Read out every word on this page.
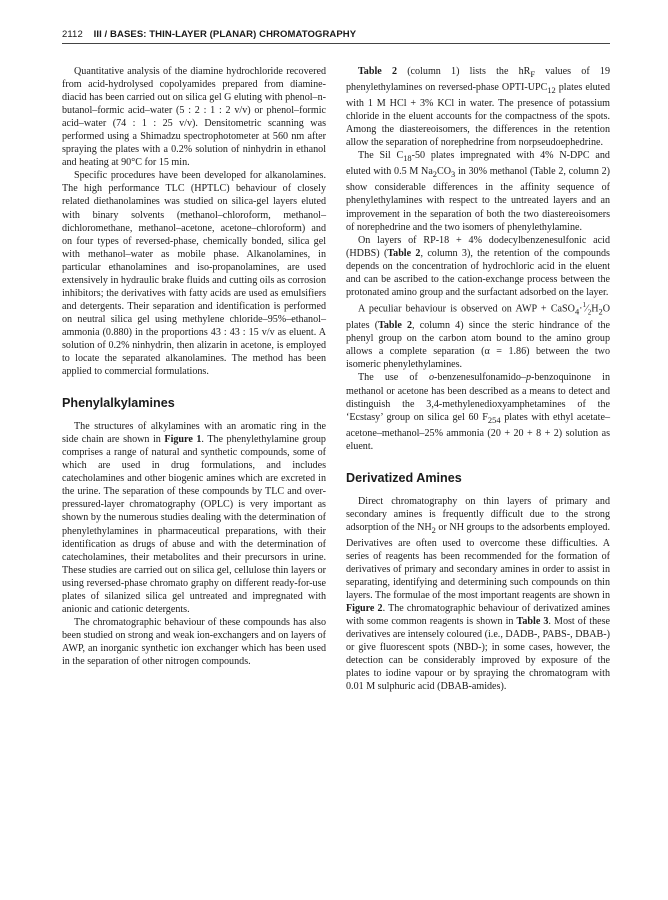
2112 III / BASES: THIN-LAYER (PLANAR) CHROMATOGRAPHY

Quantitative analysis of the diamine hydrochloride recovered from acid-hydrolysed copolyamides prepared from diamine-diacid has been carried out on silica gel G eluting with phenol–n-butanol–formic acid–water (5 : 2 : 1 : 2 v/v) or phenol–formic acid–water (74 : 1 : 25 v/v). Densitometric scanning was performed using a Shimadzu spectrophotometer at 560 nm after spraying the plates with a 0.2% solution of ninhydrin in ethanol and heating at 90°C for 15 min.

Specific procedures have been developed for alkanolamines. The high performance TLC (HPTLC) behaviour of closely related diethanolamines was studied on silica-gel layers eluted with binary solvents (methanol–chloroform, methanol–dichloromethane, methanol–acetone, acetone–chloroform) and on four types of reversed-phase, chemically bonded, silica gel with methanol–water as mobile phase. Alkanolamines, in particular ethanolamines and iso-propanolamines, are used extensively in hydraulic brake fluids and cutting oils as corrosion inhibitors; the derivatives with fatty acids are used as emulsifiers and detergents. Their separation and identification is performed on neutral silica gel using methylene chloride–95%–ethanol–ammonia (0.880) in the proportions 43 : 43 : 15 v/v as eluent. A solution of 0.2% ninhydrin, then alizarin in acetone, is employed to locate the separated alkanolamines. The method has been applied to commercial formulations.

Phenylalkylamines

The structures of alkylamines with an aromatic ring in the side chain are shown in Figure 1. The phenylethylamine group comprises a range of natural and synthetic compounds, some of which are used in drug formulations, and includes catecholamines and other biogenic amines which are excreted in the urine. The separation of these compounds by TLC and over-pressured-layer chromatography (OPLC) is very important as shown by the numerous studies dealing with the determination of phenylethylamines in pharmaceutical preparations, with their identification as drugs of abuse and with the determination of catecholamines, their metabolites and their precursors in urine. These studies are carried out on silica gel, cellulose thin layers or using reversed-phase chromato graphy on different ready-for-use plates of silanized silica gel untreated and impregnated with anionic and cationic detergents.

The chromatographic behaviour of these compounds has also been studied on strong and weak ion-exchangers and on layers of AWP, an inorganic synthetic ion exchanger which has been used in the separation of other nitrogen compounds.

Table 2 (column 1) lists the $hR_F$ values of 19 phenylethylamines on reversed-phase OPTI-$UPC_{12}$ plates eluted with 1 M HCl + 3% KCl in water. The presence of potassium chloride in the eluent accounts for the compactness of the spots. Among the diastereoisomers, the differences in the retention allow the separation of norephedrine from norpseudoephedrine.

The Sil $C_{18}-50$ plates impregnated with 4% N-DPC and eluted with 0.5 M $Na_2CO_3$ in 30% methanol (Table 2, column 2) show considerable differences in the affinity sequence of phenylethylamines with respect to the untreated layers and an improvement in the separation of both the two diastereoisomers of norephedrine and the two isomers of phenylethylamine.

On layers of RP-18 + 4% dodecylbenzenesulfonic acid (HDBS) (Table 2, column 3), the retention of the compounds depends on the concentration of hydrochloric acid in the eluent and can be ascribed to the cation-exchange process between the protonated amino group and the surfactant adsorbed on the layer.

A peculiar behaviour is observed on AWP + $CaSO_4\cdot^1⁄_2H_2O$ plates (Table 2, column 4) since the steric hindrance of the phenyl group on the carbon atom bound to the amino group allows a complete separation (α = 1.86) between the two isomeric phenylethylamines.

The use of o-benzenesulfonamido–p-benzoquinone in methanol or acetone has been described as a means to detect and distinguish the 3,4-methylenedioxyamphetamines of the ‘Ecstasy’ group on silica gel 60 $F_{254}$ plates with ethyl acetate–acetone–methanol–25% ammonia (20 + 20 + 8 + 2) solution as eluent.

Derivatized Amines

Direct chromatography on thin layers of primary and secondary amines is frequently difficult due to the strong adsorption of the $NH_2$ or NH groups to the adsorbents employed. Derivatives are often used to overcome these difficulties. A series of reagents has been recommended for the formation of derivatives of primary and secondary amines in order to assist in separating, identifying and determining such compounds on thin layers. The formulae of the most important reagents are shown in Figure 2. The chromatographic behaviour of derivatized amines with some common reagents is shown in Table 3. Most of these derivatives are intensely coloured (i.e., DADB-, PABS-, DBAB-) or give fluorescent spots (NBD-); in some cases, however, the detection can be considerably improved by exposure of the plates to iodine vapour or by spraying the chromatogram with 0.01 M sulphuric acid (DBAB-amides).
